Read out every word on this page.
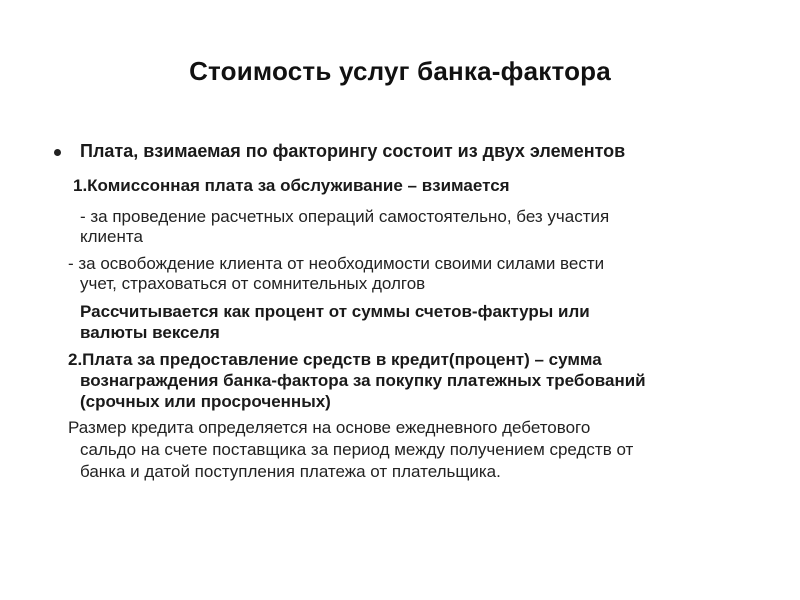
Стоимость услуг банка-фактора
Плата, взимаемая по факторингу состоит из двух элементов
1.Комиссонная плата за обслуживание – взимается
- за проведение расчетных операций самостоятельно, без участия
клиента
- за освобождение клиента от необходимости своими силами вести
учет, страховаться от сомнительных долгов
Рассчитывается как процент от суммы счетов-фактуры или
валюты векселя
2.Плата за предоставление средств в кредит(процент) – сумма
вознаграждения банка-фактора за покупку платежных требований
(срочных или просроченных)
Размер кредита определяется на основе ежедневного дебетового
сальдо на счете поставщика за период между получением средств от
банка и датой поступления платежа от плательщика.
